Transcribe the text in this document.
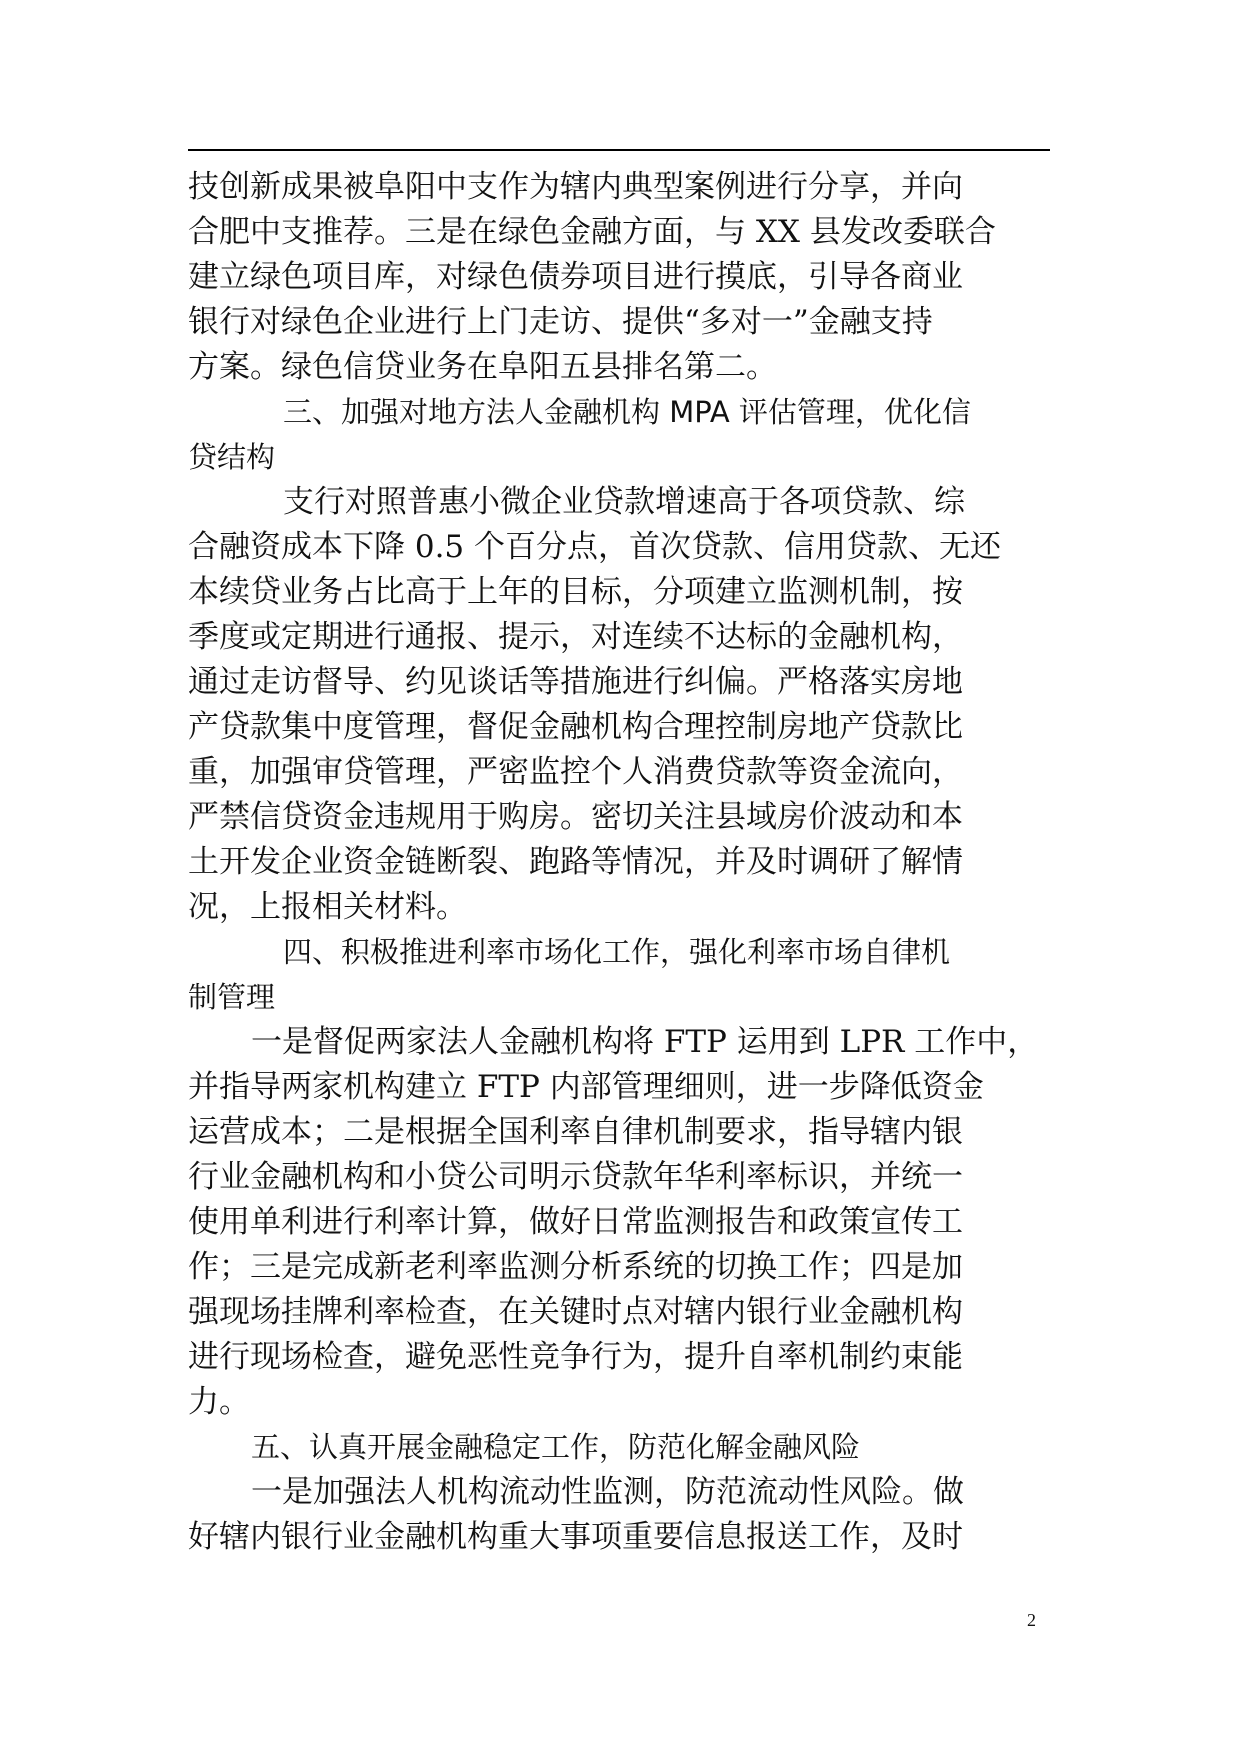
技创新成果被阜阳中支作为辖内典型案例进行分享，并向
合肥中支推荐。三是在绿色金融方面，与 XX 县发改委联合
建立绿色项目库，对绿色债券项目进行摸底，引导各商业
银行对绿色企业进行上门走访、提供“多对一”金融支持
方案。绿色信贷业务在阜阳五县排名第二。
三、加强对地方法人金融机构 MPA 评估管理，优化信
贷结构
支行对照普惠小微企业贷款增速高于各项贷款、综
合融资成本下降 0.5 个百分点，首次贷款、信用贷款、无还
本续贷业务占比高于上年的目标，分项建立监测机制，按
季度或定期进行通报、提示，对连续不达标的金融机构，
通过走访督导、约见谈话等措施进行纠偏。严格落实房地
产贷款集中度管理，督促金融机构合理控制房地产贷款比
重，加强审贷管理，严密监控个人消费贷款等资金流向，
严禁信贷资金违规用于购房。密切关注县域房价波动和本
土开发企业资金链断裂、跑路等情况，并及时调研了解情
况，上报相关材料。
四、积极推进利率市场化工作，强化利率市场自律机
制管理
一是督促两家法人金融机构将 FTP 运用到 LPR 工作中，
并指导两家机构建立 FTP 内部管理细则，进一步降低资金
运营成本；二是根据全国利率自律机制要求，指导辖内银
行业金融机构和小贷公司明示贷款年华利率标识，并统一
使用单利进行利率计算，做好日常监测报告和政策宣传工
作；三是完成新老利率监测分析系统的切换工作；四是加
强现场挂牌利率检查，在关键时点对辖内银行业金融机构
进行现场检查，避免恶性竞争行为，提升自率机制约束能
力。
五、认真开展金融稳定工作，防范化解金融风险
一是加强法人机构流动性监测，防范流动性风险。做
好辖内银行业金融机构重大事项重要信息报送工作，及时
2
